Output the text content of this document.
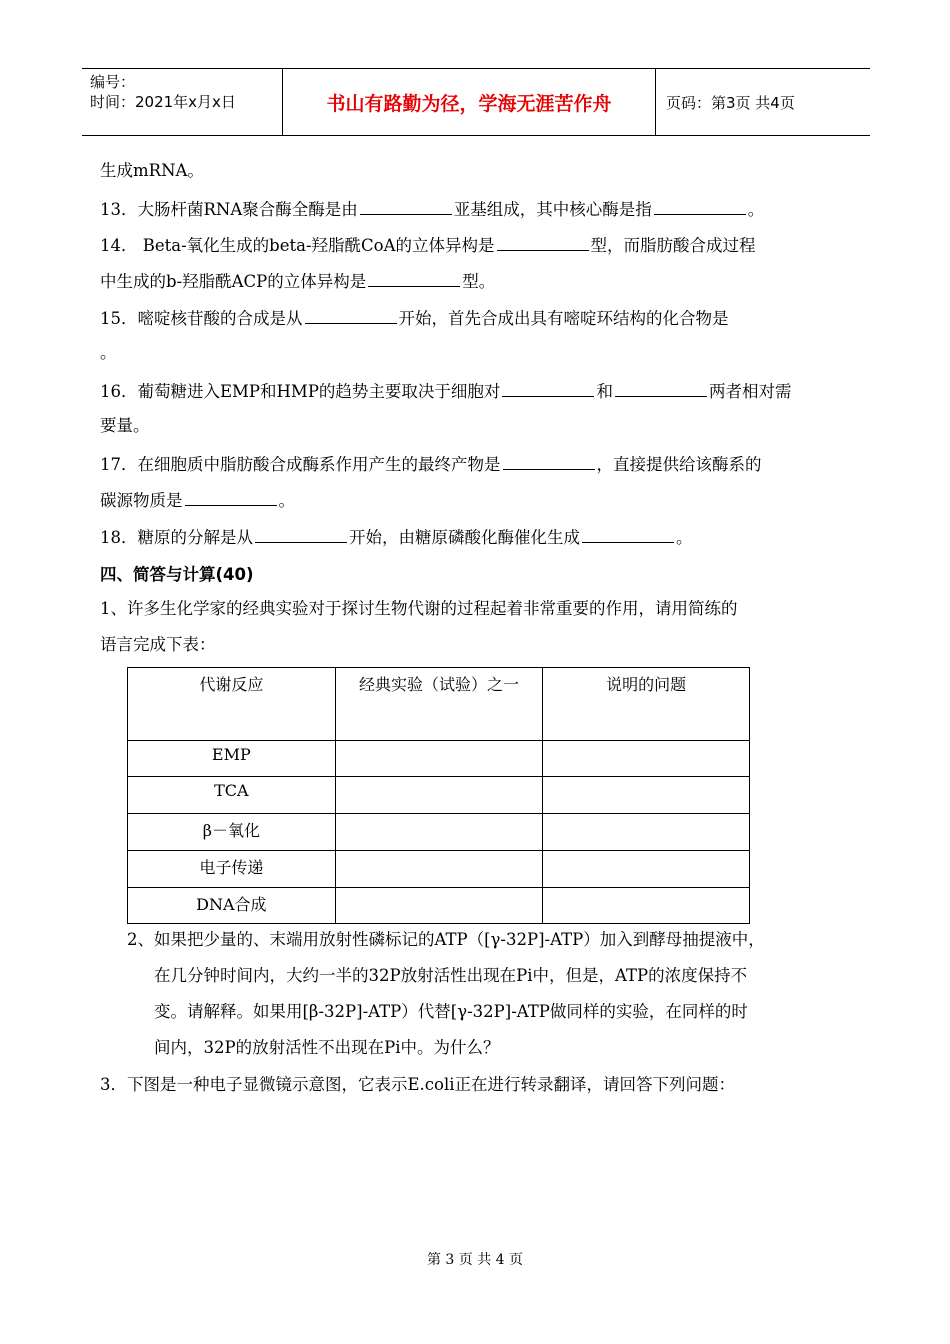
编号：
时间：2021年x月x日	书山有路勤为径，学海无涯苦作舟	页码：第3页 共4页
生成mRNA。
13．大肠杆菌RNA聚合酶全酶是由	亚基组成，其中核心酶是指	。
14． Beta-氧化生成的beta-羟脂酰CoA的立体异构是	型，而脂肪酸合成过程
中生成的b-羟脂酰ACP的立体异构是	型。
15．嘧啶核苷酸的合成是从	开始，首先合成出具有嘧啶环结构的化合物是
。
16．葡萄糖进入EMP和HMP的趋势主要取决于细胞对	和	两者相对需
要量。
17．在细胞质中脂肪酸合成酶系作用产生的最终产物是	，直接提供给该酶系的
碳源物质是	。
18．糖原的分解是从	开始，由糖原磷酸化酶催化生成	。
四、简答与计算(40)
1、许多生化学家的经典实验对于探讨生物代谢的过程起着非常重要的作用，请用简练的
语言完成下表：
代谢反应	经典实验（试验）之一	说明的问题
EMP		
TCA		
β－氧化		
电子传递		
DNA合成		
2、如果把少量的、末端用放射性磷标记的ATP（[γ-32P]-ATP）加入到酵母抽提液中，
在几分钟时间内，大约一半的32P放射活性出现在Pi中，但是，ATP的浓度保持不
变。请解释。如果用[β-32P]-ATP）代替[γ-32P]-ATP做同样的实验，在同样的时
间内，32P的放射活性不出现在Pi中。为什么？
3．下图是一种电子显微镜示意图，它表示E.coli正在进行转录翻译，请回答下列问题：
第 3 页 共 4 页
